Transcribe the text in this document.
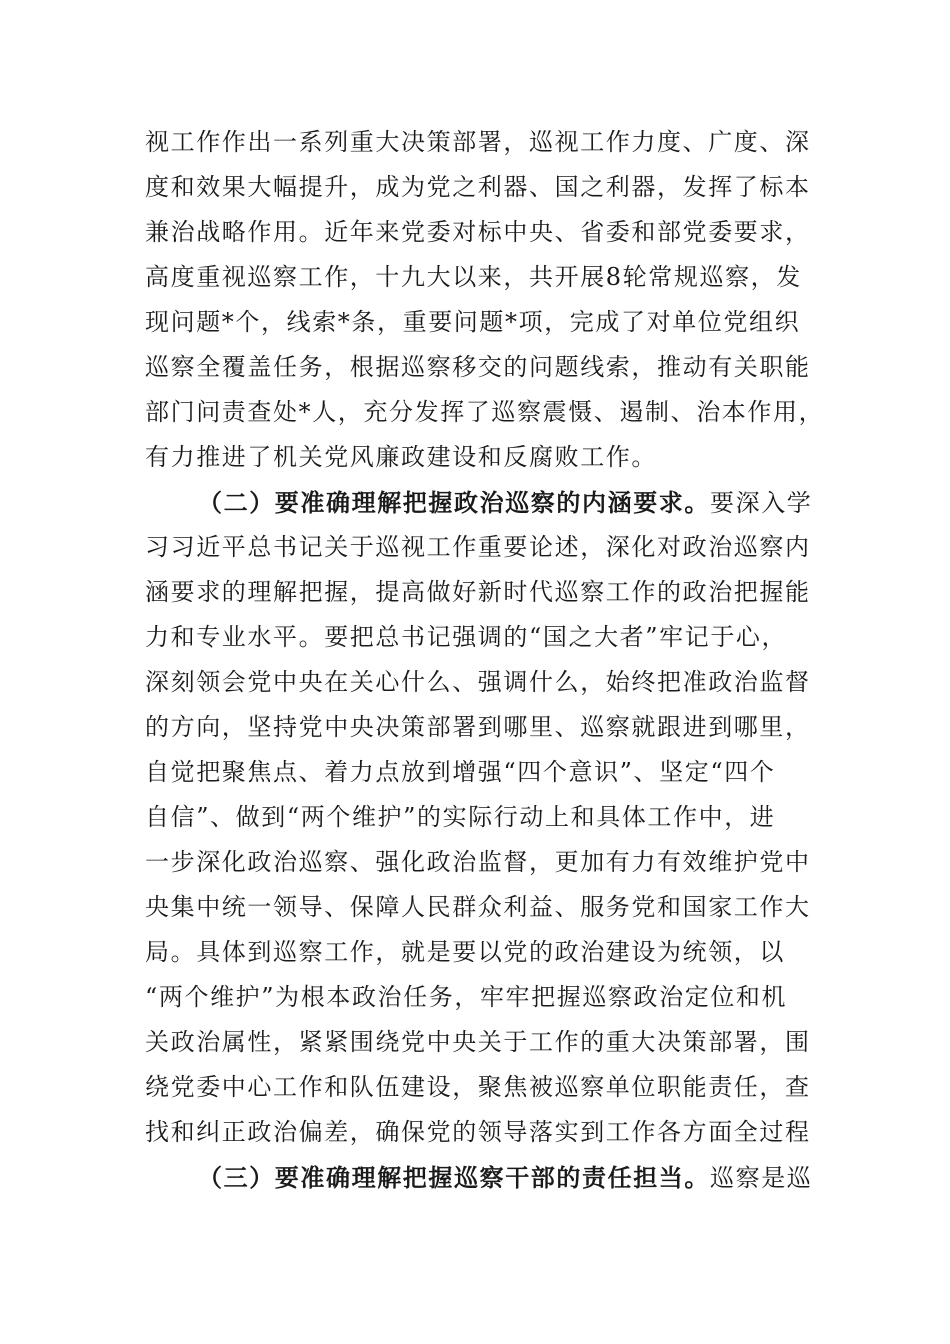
视工作作出一系列重大决策部署，巡视工作力度、广度、深
度和效果大幅提升，成为党之利器、国之利器，发挥了标本
兼治战略作用。近年来党委对标中央、省委和部党委要求，
高度重视巡察工作，十九大以来，共开展8轮常规巡察，发
现问题*个，线索*条，重要问题*项，完成了对单位党组织
巡察全覆盖任务，根据巡察移交的问题线索，推动有关职能
部门问责查处*人，充分发挥了巡察震慑、遏制、治本作用，
有力推进了机关党风廉政建设和反腐败工作。
（二）要准确理解把握政治巡察的内涵要求。要深入学
习习近平总书记关于巡视工作重要论述，深化对政治巡察内
涵要求的理解把握，提高做好新时代巡察工作的政治把握能
力和专业水平。要把总书记强调的“国之大者”牢记于心，
深刻领会党中央在关心什么、强调什么，始终把准政治监督
的方向，坚持党中央决策部署到哪里、巡察就跟进到哪里，
自觉把聚焦点、着力点放到增强“四个意识”、坚定“四个
自信”、做到“两个维护”的实际行动上和具体工作中，进
一步深化政治巡察、强化政治监督，更加有力有效维护党中
央集中统一领导、保障人民群众利益、服务党和国家工作大
局。具体到巡察工作，就是要以党的政治建设为统领，以
“两个维护”为根本政治任务，牢牢把握巡察政治定位和机
关政治属性，紧紧围绕党中央关于工作的重大决策部署，围
绕党委中心工作和队伍建设，聚焦被巡察单位职能责任，查
找和纠正政治偏差，确保党的领导落实到工作各方面全过程
（三）要准确理解把握巡察干部的责任担当。巡察是巡
